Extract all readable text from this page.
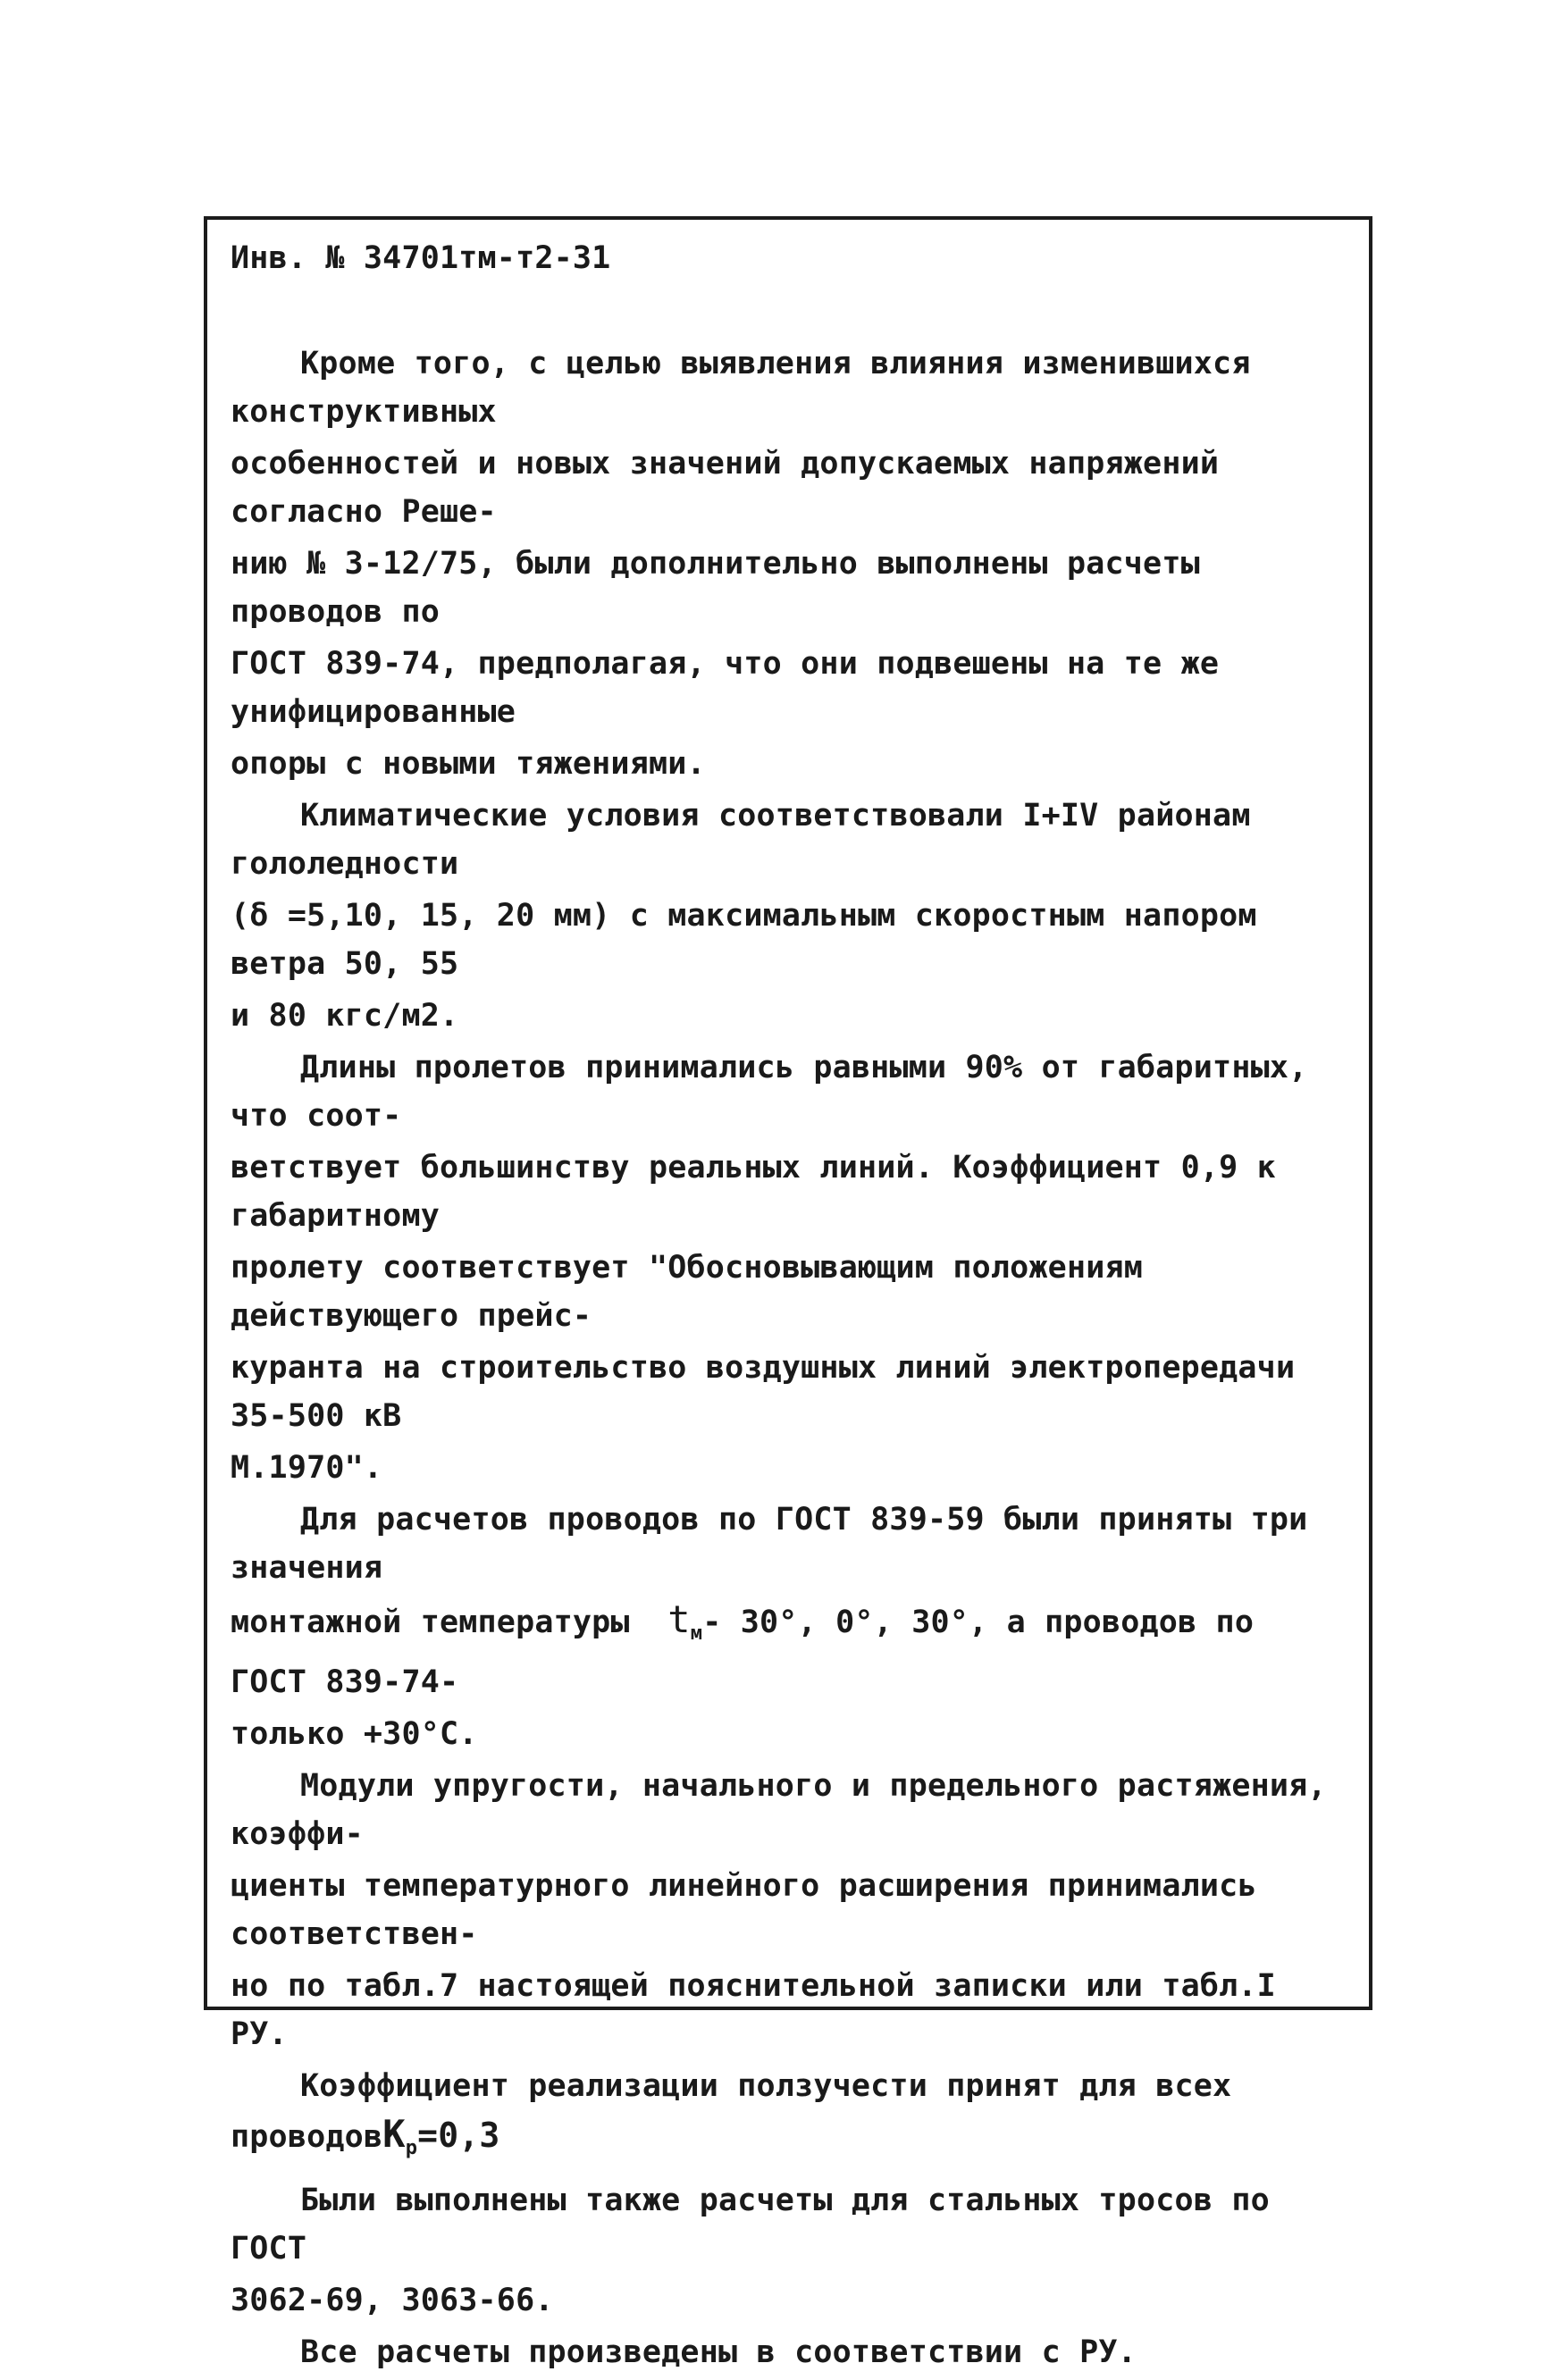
Инв. № 34701тм-т2-31
Кроме того, с целью выявления влияния изменившихся конструктивных
особенностей и новых значений допускаемых напряжений согласно Реше-
нию № 3-12/75, были дополнительно выполнены расчеты проводов по
ГОСТ 839-74, предполагая, что они подвешены на те же унифицированные
опоры с новыми тяжениями.
Климатические условия соответствовали I+IV районам гололедности
(δ =5,10, 15, 20 мм) с максимальным скоростным напором ветра 50, 55
и 80 кгс/м2.
Длины пролетов принимались равными 90% от габаритных, что соот-
ветствует большинству реальных линий. Коэффициент 0,9 к габаритному
пролету соответствует "Обосновывающим положениям действующего прейс-
куранта на строительство воздушных линий электропередачи 35-500 кВ
М.1970".
Для расчетов проводов по ГОСТ 839-59 были приняты три значения
монтажной температуры $t_м-$ 30°, 0°, 30°, а проводов по ГОСТ 839-74-
только +30°С.
Модули упругости, начального и предельного растяжения, коэффи-
циенты температурного линейного расширения принимались соответствен-
но по табл.7 настоящей пояснительной записки или табл.I РУ.
Коэффициент реализации ползучести принят для всех проводовK$_р$=0,3
Были выполнены также расчеты для стальных тросов по ГОСТ
3062-69, 3063-66.
Все расчеты произведены в соответствии с РУ.
